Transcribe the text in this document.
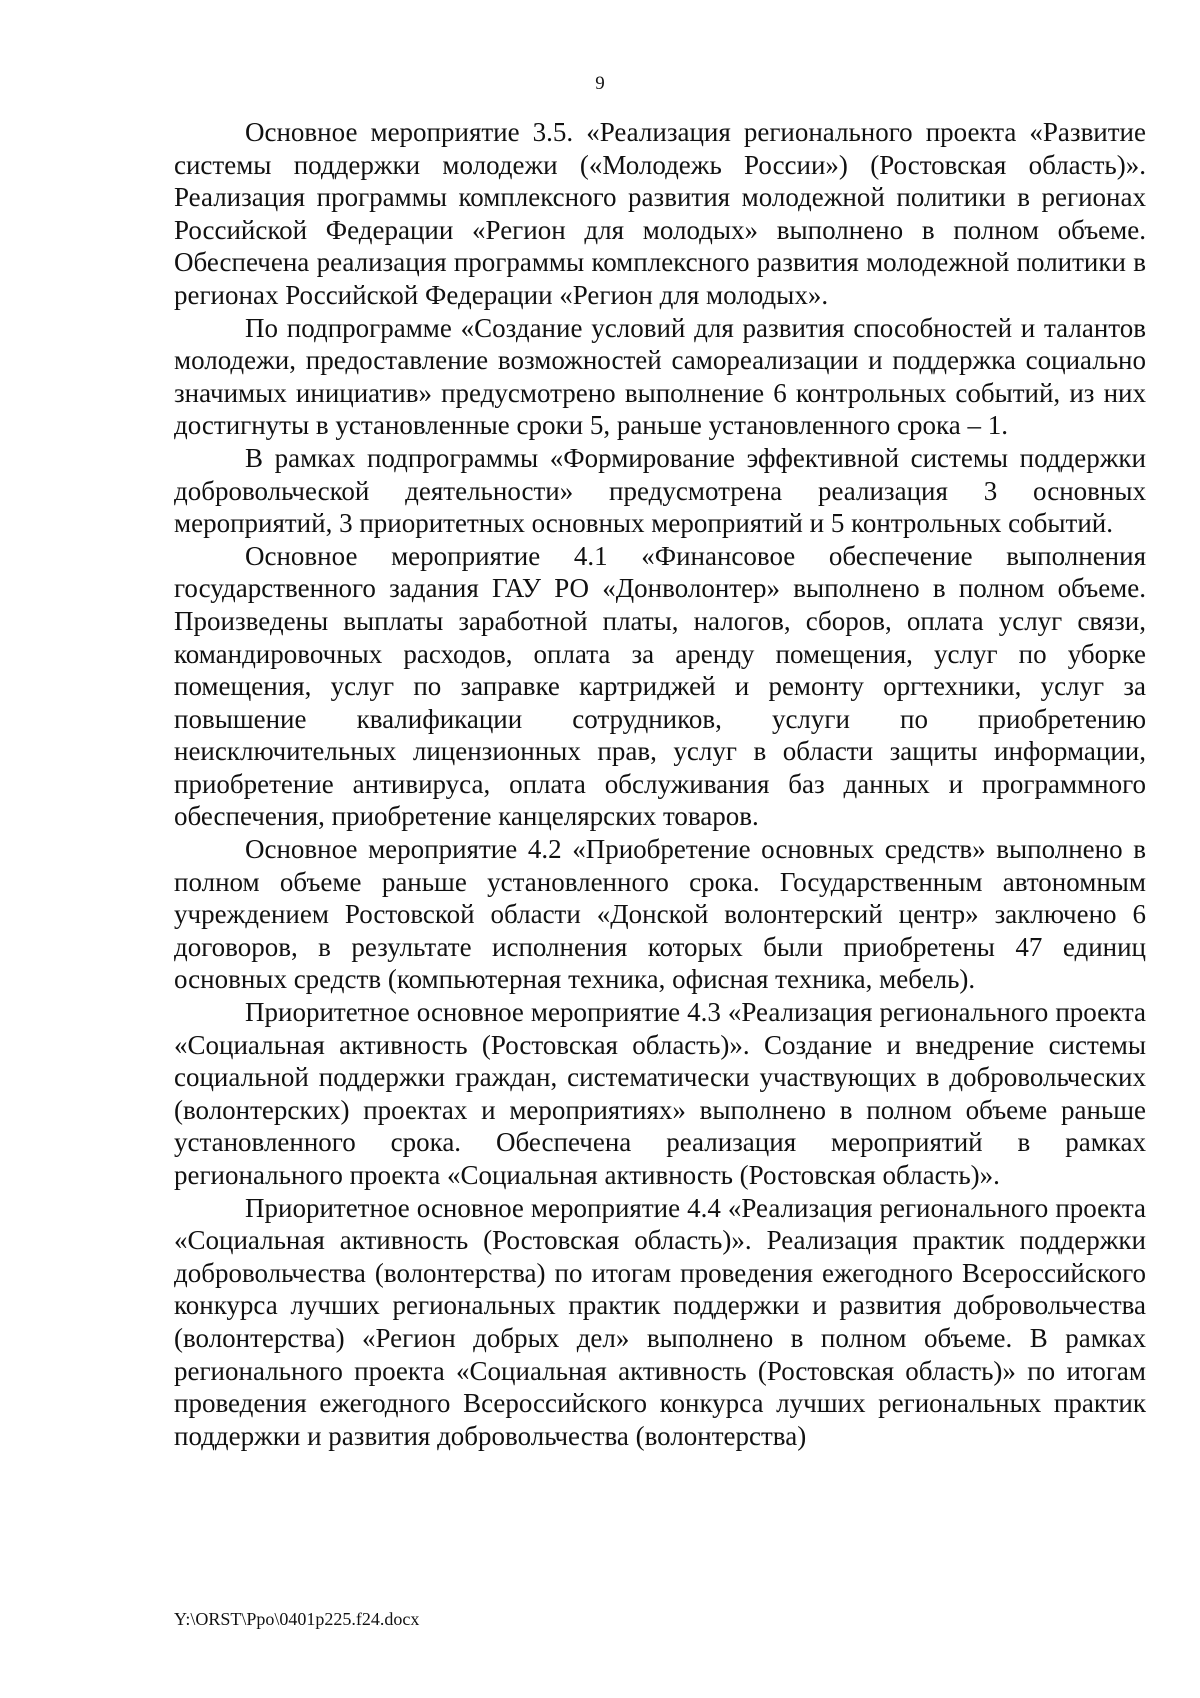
9

Основное мероприятие 3.5. «Реализация регионального проекта «Развитие системы поддержки молодежи («Молодежь России») (Ростовская область)». Реализация программы комплексного развития молодежной политики в регионах Российской Федерации «Регион для молодых» выполнено в полном объеме. Обеспечена реализация программы комплексного развития молодежной политики в регионах Российской Федерации «Регион для молодых».

По подпрограмме «Создание условий для развития способностей и талантов молодежи, предоставление возможностей самореализации и поддержка социально значимых инициатив» предусмотрено выполнение 6 контрольных событий, из них достигнуты в установленные сроки 5, раньше установленного срока – 1.

В рамках подпрограммы «Формирование эффективной системы поддержки добровольческой деятельности» предусмотрена реализация 3 основных мероприятий, 3 приоритетных основных мероприятий и 5 контрольных событий.

Основное мероприятие 4.1 «Финансовое обеспечение выполнения государственного задания ГАУ РО «Донволонтер» выполнено в полном объеме. Произведены выплаты заработной платы, налогов, сборов, оплата услуг связи, командировочных расходов, оплата за аренду помещения, услуг по уборке помещения, услуг по заправке картриджей и ремонту оргтехники, услуг за повышение квалификации сотрудников, услуги по приобретению неисключительных лицензионных прав, услуг в области защиты информации, приобретение антивируса, оплата обслуживания баз данных и программного обеспечения, приобретение канцелярских товаров.

Основное мероприятие 4.2 «Приобретение основных средств» выполнено в полном объеме раньше установленного срока. Государственным автономным учреждением Ростовской области «Донской волонтерский центр» заключено 6 договоров, в результате исполнения которых были приобретены 47 единиц основных средств (компьютерная техника, офисная техника, мебель).

Приоритетное основное мероприятие 4.3 «Реализация регионального проекта «Социальная активность (Ростовская область)». Создание и внедрение системы социальной поддержки граждан, систематически участвующих в добровольческих (волонтерских) проектах и мероприятиях» выполнено в полном объеме раньше установленного срока. Обеспечена реализация мероприятий в рамках регионального проекта «Социальная активность (Ростовская область)».

Приоритетное основное мероприятие 4.4 «Реализация регионального проекта «Социальная активность (Ростовская область)». Реализация практик поддержки добровольчества (волонтерства) по итогам проведения ежегодного Всероссийского конкурса лучших региональных практик поддержки и развития добровольчества (волонтерства) «Регион добрых дел» выполнено в полном объеме. В рамках регионального проекта «Социальная активность (Ростовская область)» по итогам проведения ежегодного Всероссийского конкурса лучших региональных практик поддержки и развития добровольчества (волонтерства)

Y:\ORST\Ppo\0401p225.f24.docx
